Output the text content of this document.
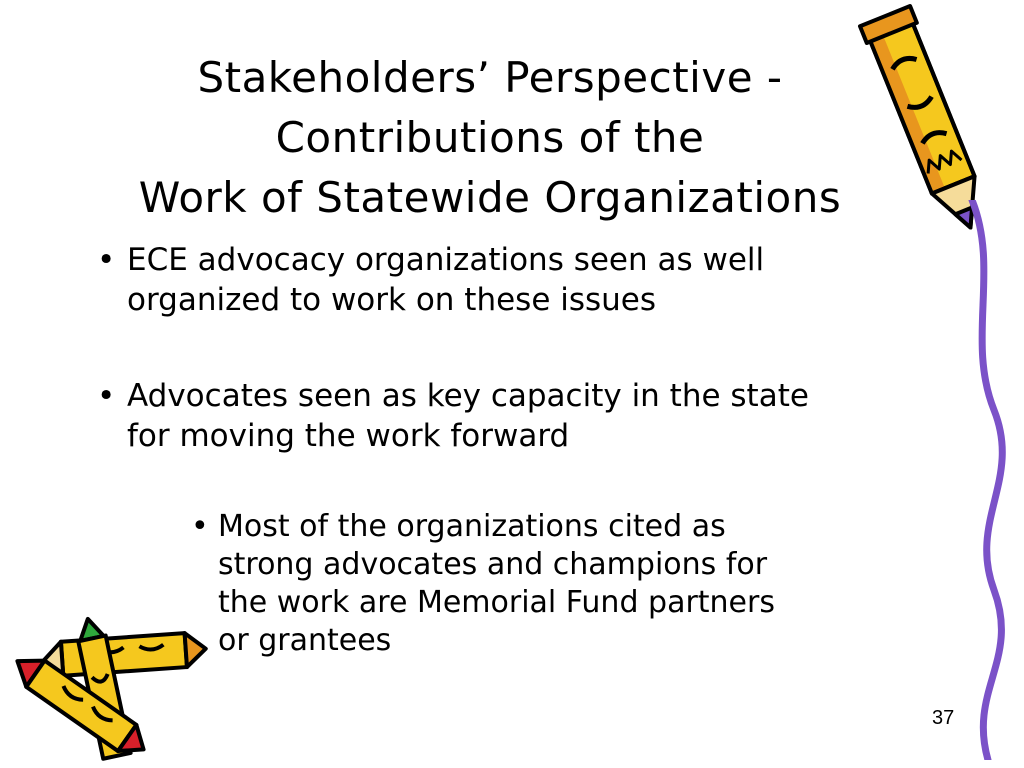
Stakeholders’ Perspective -
Contributions of the
Work of Statewide Organizations
• ECE advocacy organizations seen as well
organized to work on these issues
• Advocates seen as key capacity in the state
for moving the work forward
• Most of the organizations cited as
strong advocates and champions for
the work are Memorial Fund partners
or grantees
37
